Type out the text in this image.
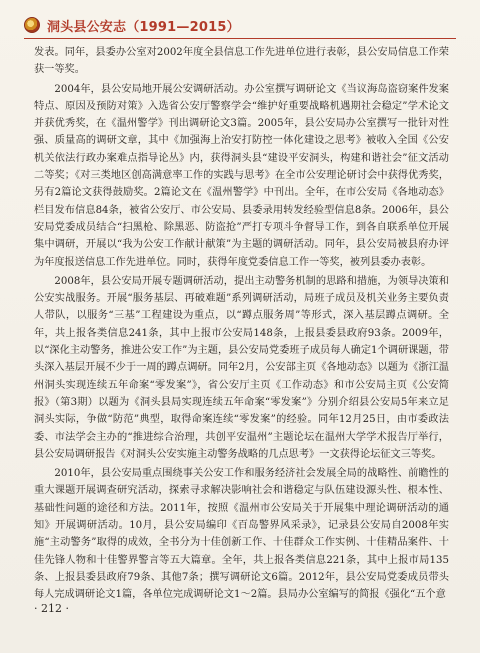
洞头县公安志（1991—2015）

发表。同年，县委办公室对2002年度全县信息工作先进单位进行表彰，县公安局信息工作荣获一等奖。

2004年，县公安局地开展公安调研活动。办公室撰写调研论文《当议海岛盗窃案件发案特点、原因及预防对策》入选省公安厅警察学会“维护好重要战略机遇期社会稳定”学术论文并获优秀奖，在《温州警学》刊出调研论文3篇。2005年，县公安局办公室撰写一批针对性强、质量高的调研文章，其中《加强海上治安打防控一体化建设之思考》被收入全国《公安机关依法行政办案难点指导论丛》内，获得洞头县“建设平安洞头，构建和谐社会”征文活动二等奖；《对三类地区创高满意率工作的实践与思考》在全市公安理论研讨会中获得优秀奖，另有2篇论文获得鼓励奖。2篇论文在《温州警学》中刊出。全年，在市公安局《各地动态》栏目发布信息84条，被省公安厅、市公安局、县委录用转发经验型信息8条。2006年，县公安局党委成员结合“扫黑枪、除黑恶、防盗抢”严打专项斗争督导工作，到各自联系单位开展集中调研，开展以“我为公安工作献计献策”为主题的调研活动。同年，县公安局被县府办评为年度报送信息工作先进单位。同时，获得年度党委信息工作一等奖，被列县委办表彰。

2008年，县公安局开展专题调研活动，提出主动警务机制的思路和措施，为领导决策和公安实战服务。开展“服务基层、再破难题”系列调研活动，局班子成员及机关业务主要负责人带队，以服务“三基”工程建设为重点，以“蹲点服务周”等形式，深入基层蹲点调研。全年，共上报各类信息241条，其中上报市公安局148条，上报县委县政府93条。2009年，以“深化主动警务，推进公安工作”为主题，县公安局党委班子成员每人确定1个调研课题，带头深入基层开展不少于一周的蹲点调研。同年2月，公安部主页《各地动态》以题为《浙江温州洞头实现连续五年命案“零发案”》，省公安厅主页《工作动态》和市公安局主页《公安简报》（第3期）以题为《洞头县局实现连续五年命案“零发案”》分别介绍县公安局5年来立足洞头实际，争做“防范”典型，取得命案连续“零发案”的经验。同年12月25日，由市委政法委、市法学会主办的“推进综合治理，共创平安温州”主题论坛在温州大学学术报告厅举行，县公安局调研报告《对洞头公安实施主动警务战略的几点思考》一文获得论坛征文三等奖。

2010年，县公安局重点围绕事关公安工作和服务经济社会发展全局的战略性、前瞻性的重大课题开展调查研究活动，探索寻求解决影响社会和谐稳定与队伍建设源头性、根本性、基础性问题的途径和方法。2011年，按照《温州市公安局关于开展集中理论调研活动的通知》开展调研活动。10月，县公安局编印《百岛警界风采录》，记录县公安局自2008年实施“主动警务”取得的成效，全书分为十佳创新工作、十佳群众工作实例、十佳精品案件、十佳先锋人物和十佳警界警言等五大篇章。全年，共上报各类信息221条，其中上报市局135条、上报县委县政府79条、其他7条；撰写调研论文6篇。2012年，县公安局党委成员带头每人完成调研论文1篇，各单位完成调研论文1～2篇。县局办公室编写的简报《强化“五个意

· 212 ·
